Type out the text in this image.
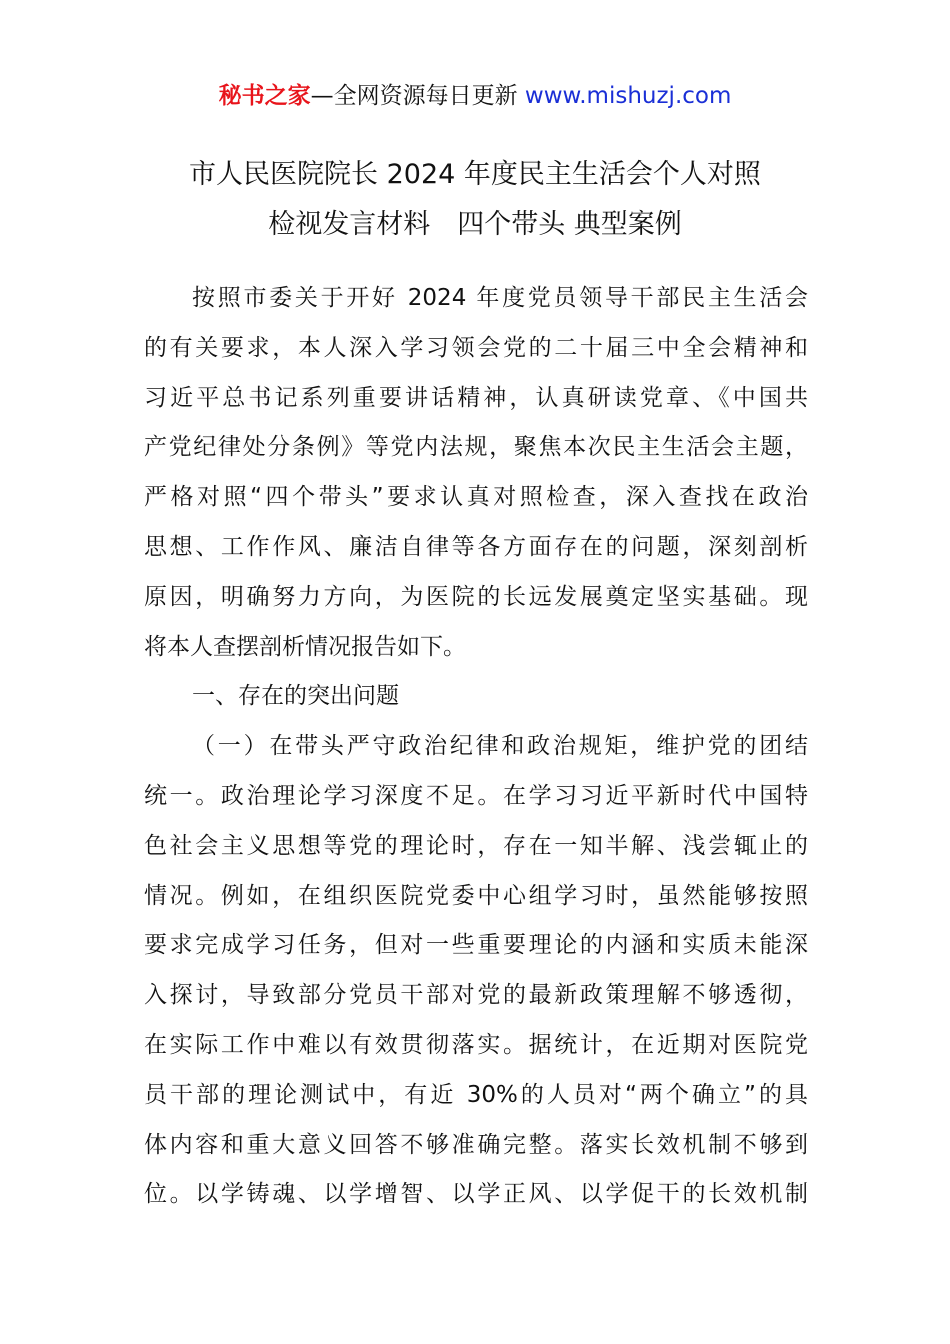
秘书之家—全网资源每日更新 www.mishuzj.com
市人民医院院长 2024 年度民主生活会个人对照
检视发言材料　四个带头 典型案例
按照市委关于开好 2024 年度党员领导干部民主生活会
的有关要求，本人深入学习领会党的二十届三中全会精神和
习近平总书记系列重要讲话精神，认真研读党章、《中国共
产党纪律处分条例》等党内法规，聚焦本次民主生活会主题，
严格对照“四个带头”要求认真对照检查，深入查找在政治
思想、工作作风、廉洁自律等各方面存在的问题，深刻剖析
原因，明确努力方向，为医院的长远发展奠定坚实基础。现
将本人查摆剖析情况报告如下。
一、存在的突出问题
（一）在带头严守政治纪律和政治规矩，维护党的团结
统一。政治理论学习深度不足。在学习习近平新时代中国特
色社会主义思想等党的理论时，存在一知半解、浅尝辄止的
情况。例如，在组织医院党委中心组学习时，虽然能够按照
要求完成学习任务，但对一些重要理论的内涵和实质未能深
入探讨，导致部分党员干部对党的最新政策理解不够透彻，
在实际工作中难以有效贯彻落实。据统计，在近期对医院党
员干部的理论测试中，有近 30%的人员对“两个确立”的具
体内容和重大意义回答不够准确完整。落实长效机制不够到
位。以学铸魂、以学增智、以学正风、以学促干的长效机制
